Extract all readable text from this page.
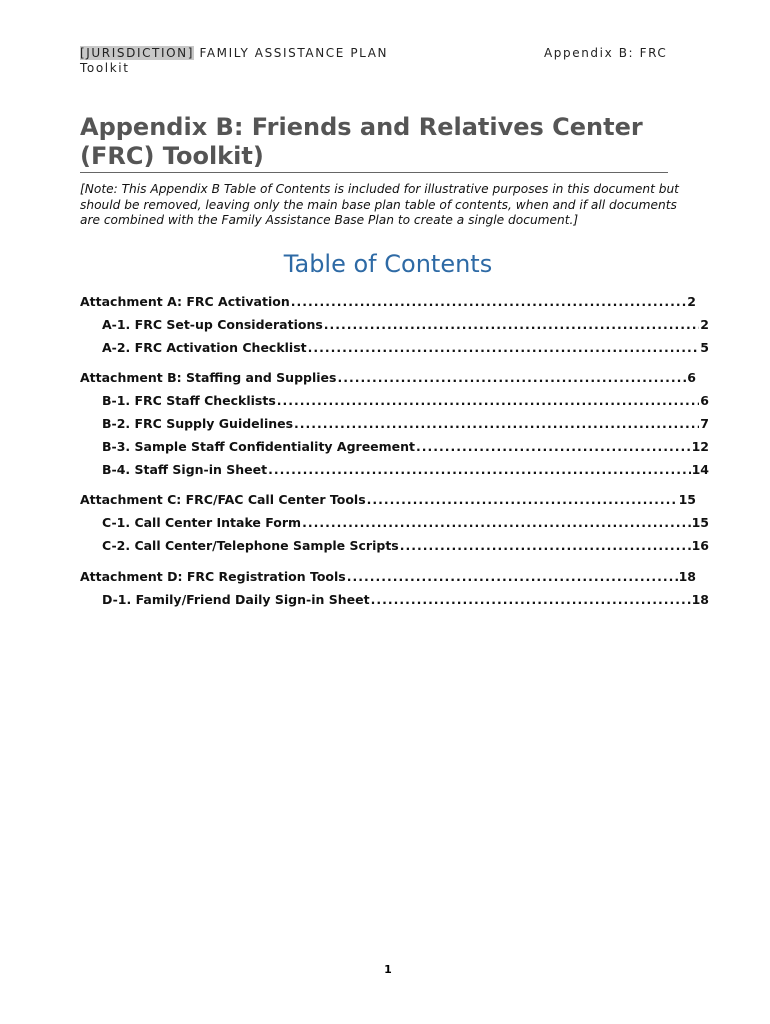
[JURISDICTION] FAMILY ASSISTANCE PLAN
Toolkit
Appendix B: FRC
Appendix B: Friends and Relatives Center
(FRC) Toolkit)

[Note: This Appendix B Table of Contents is included for illustrative purposes in this document but should be removed, leaving only the main base plan table of contents, when and if all documents are combined with the Family Assistance Base Plan to create a single document.]

Table of Contents
Attachment A: FRC Activation .....	2
A-1. FRC Set-up Considerations .....	2
A-2. FRC Activation Checklist .....	5
Attachment B: Staffing and Supplies .....	6
B-1. FRC Staff Checklists .....	6
B-2. FRC Supply Guidelines .....	7
B-3. Sample Staff Confidentiality Agreement .....	12
B-4. Staff Sign-in Sheet .....	14
Attachment C: FRC/FAC Call Center Tools .....	15
C-1. Call Center Intake Form .....	15
C-2. Call Center/Telephone Sample Scripts .....	16
Attachment D: FRC Registration Tools .....	18
D-1. Family/Friend Daily Sign-in Sheet .....	18
1
